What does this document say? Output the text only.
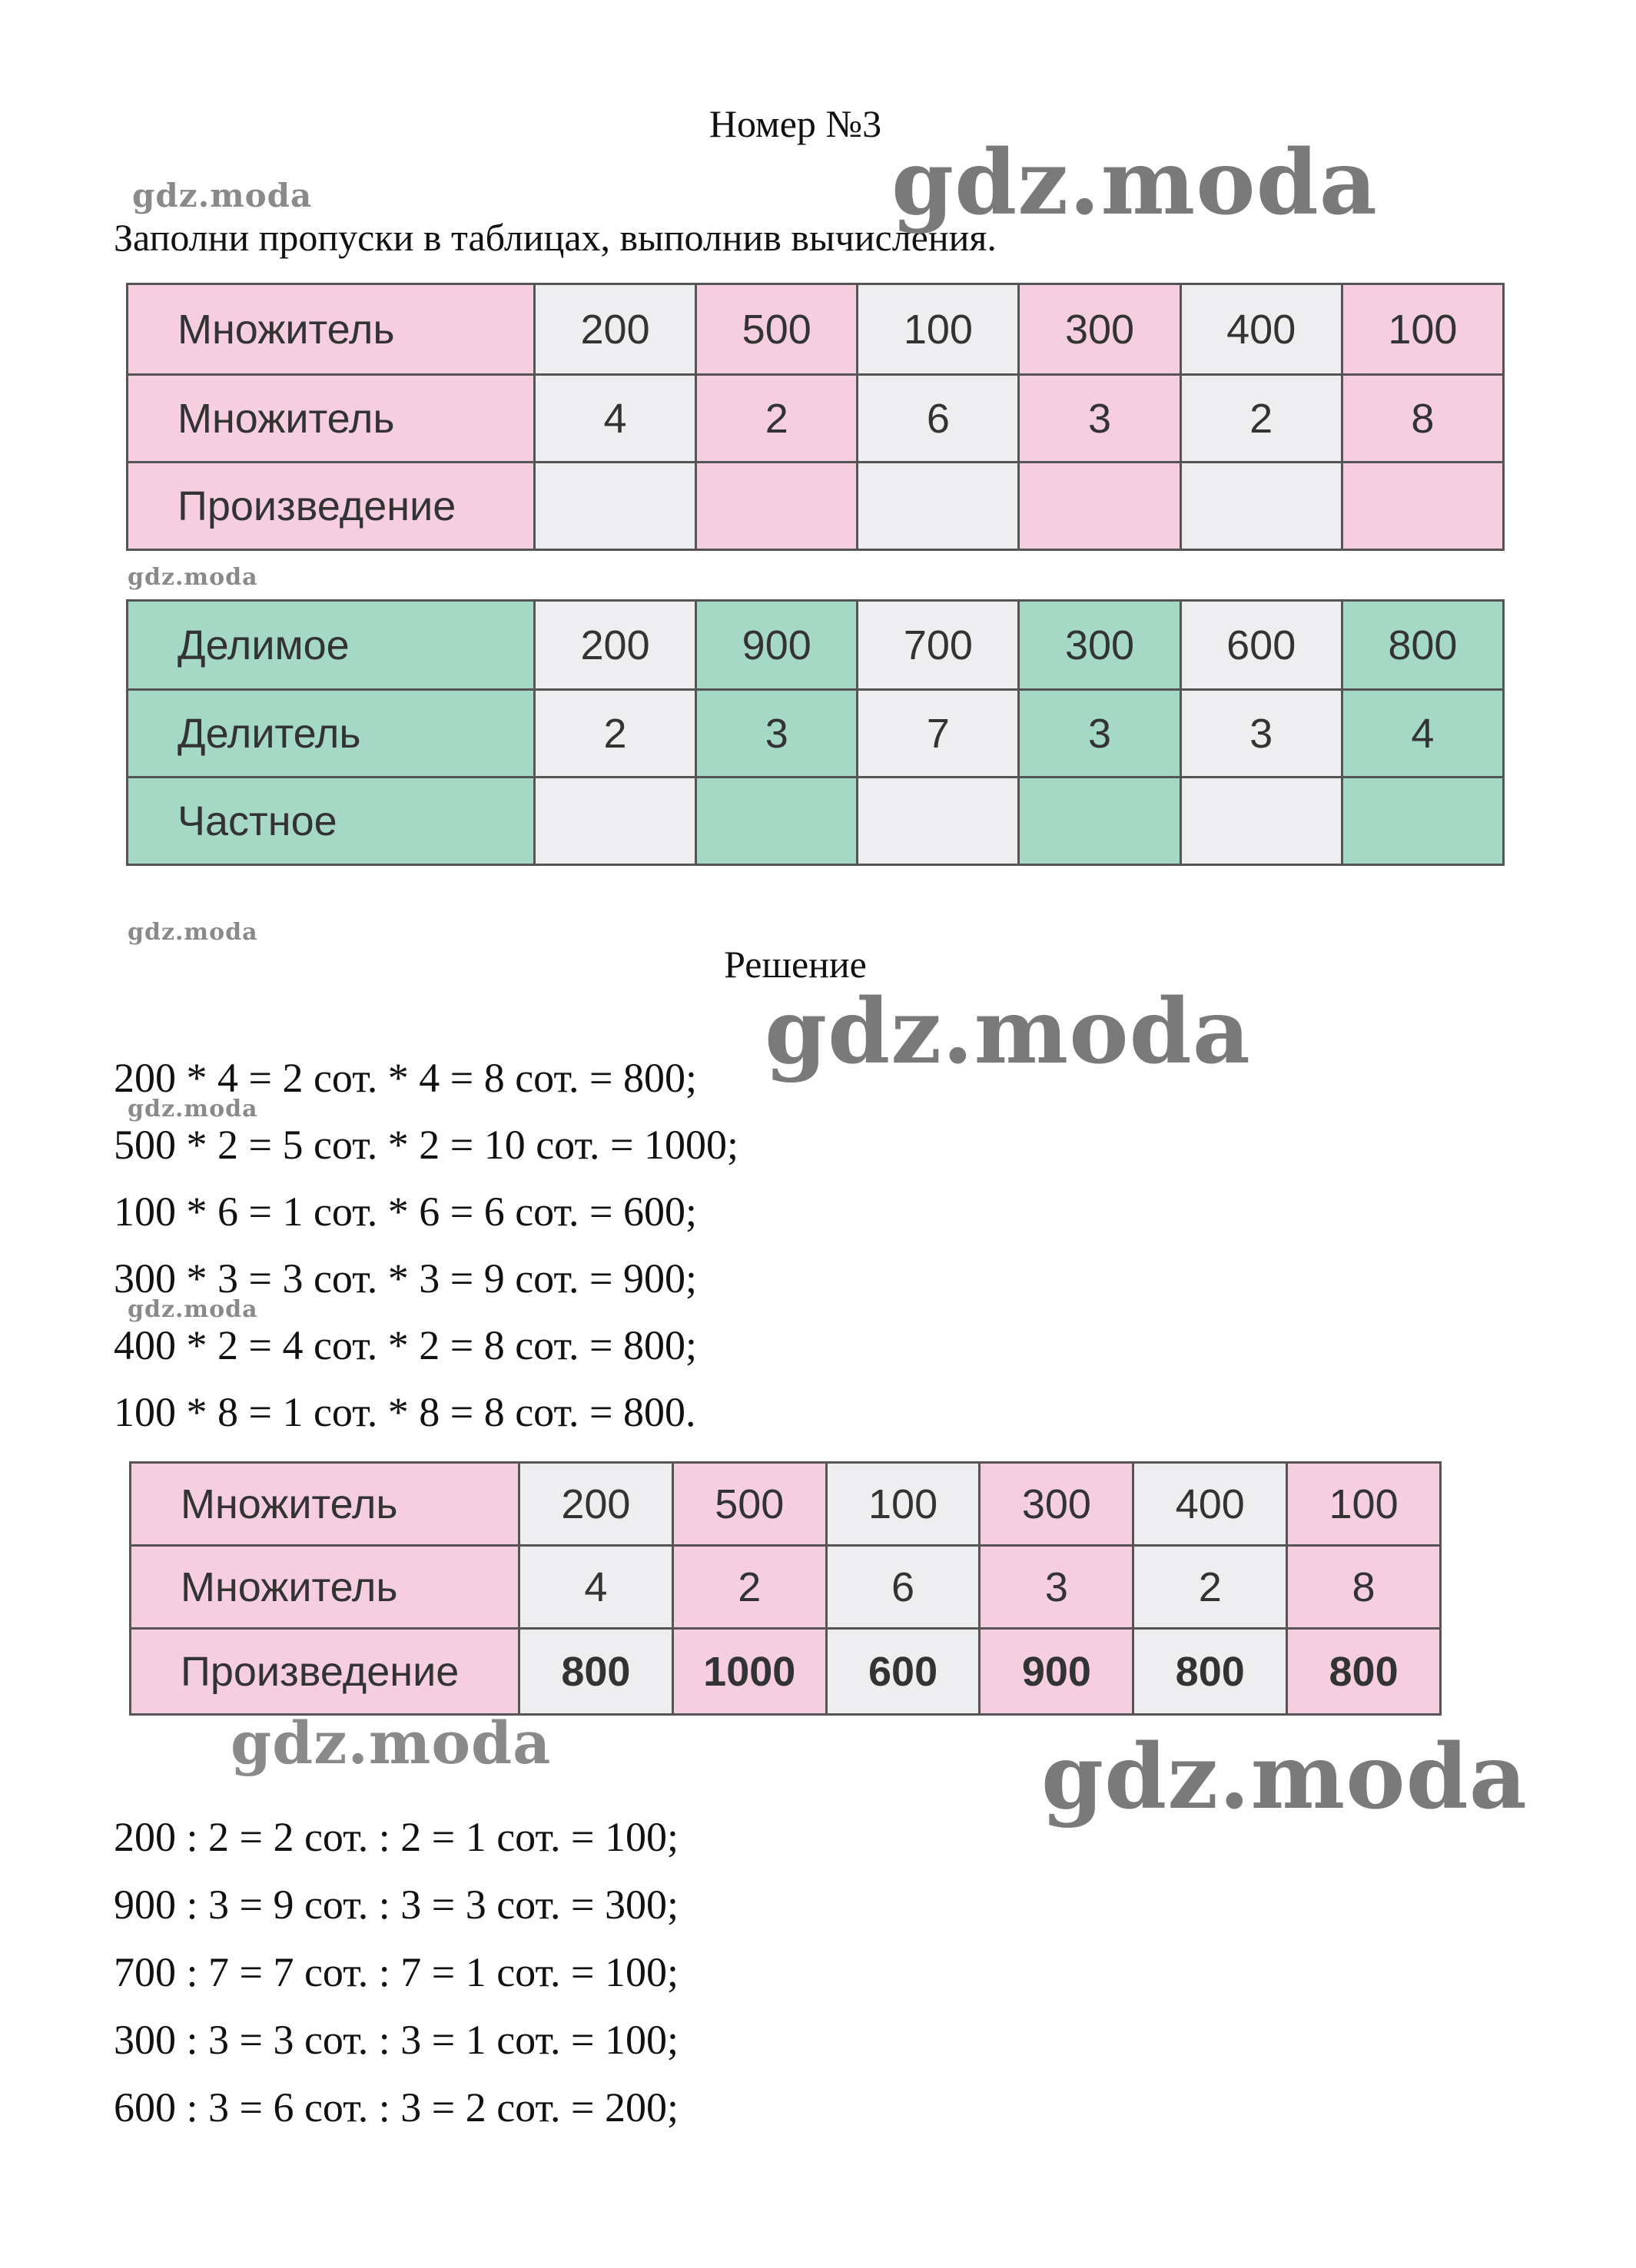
Номер №3
Заполни пропуски в таблицах, выполнив вычисления.
Множитель	200	500	100	300	400	100
Множитель	4	2	6	3	2	8
Произведение						
Делимое	200	900	700	300	600	800
Делитель	2	3	7	3	3	4
Частное						
Решение
200 * 4 = 2 сот. * 4 = 8 сот. = 800;
500 * 2 = 5 сот. * 2 = 10 сот. = 1000;
100 * 6 = 1 сот. * 6 = 6 сот. = 600;
300 * 3 = 3 сот. * 3 = 9 сот. = 900;
400 * 2 = 4 сот. * 2 = 8 сот. = 800;
100 * 8 = 1 сот. * 8 = 8 сот. = 800.
Множитель	200	500	100	300	400	100
Множитель	4	2	6	3	2	8
Произведение	800	1000	600	900	800	800
200 : 2 = 2 сот. : 2 = 1 сот. = 100;
900 : 3 = 9 сот. : 3 = 3 сот. = 300;
700 : 7 = 7 сот. : 7 = 1 сот. = 100;
300 : 3 = 3 сот. : 3 = 1 сот. = 100;
600 : 3 = 6 сот. : 3 = 2 сот. = 200;
gdz.moda
gdz.moda
gdz.moda
gdz.moda
gdz.moda
gdz.moda
gdz.moda
gdz.moda	gdz.moda
